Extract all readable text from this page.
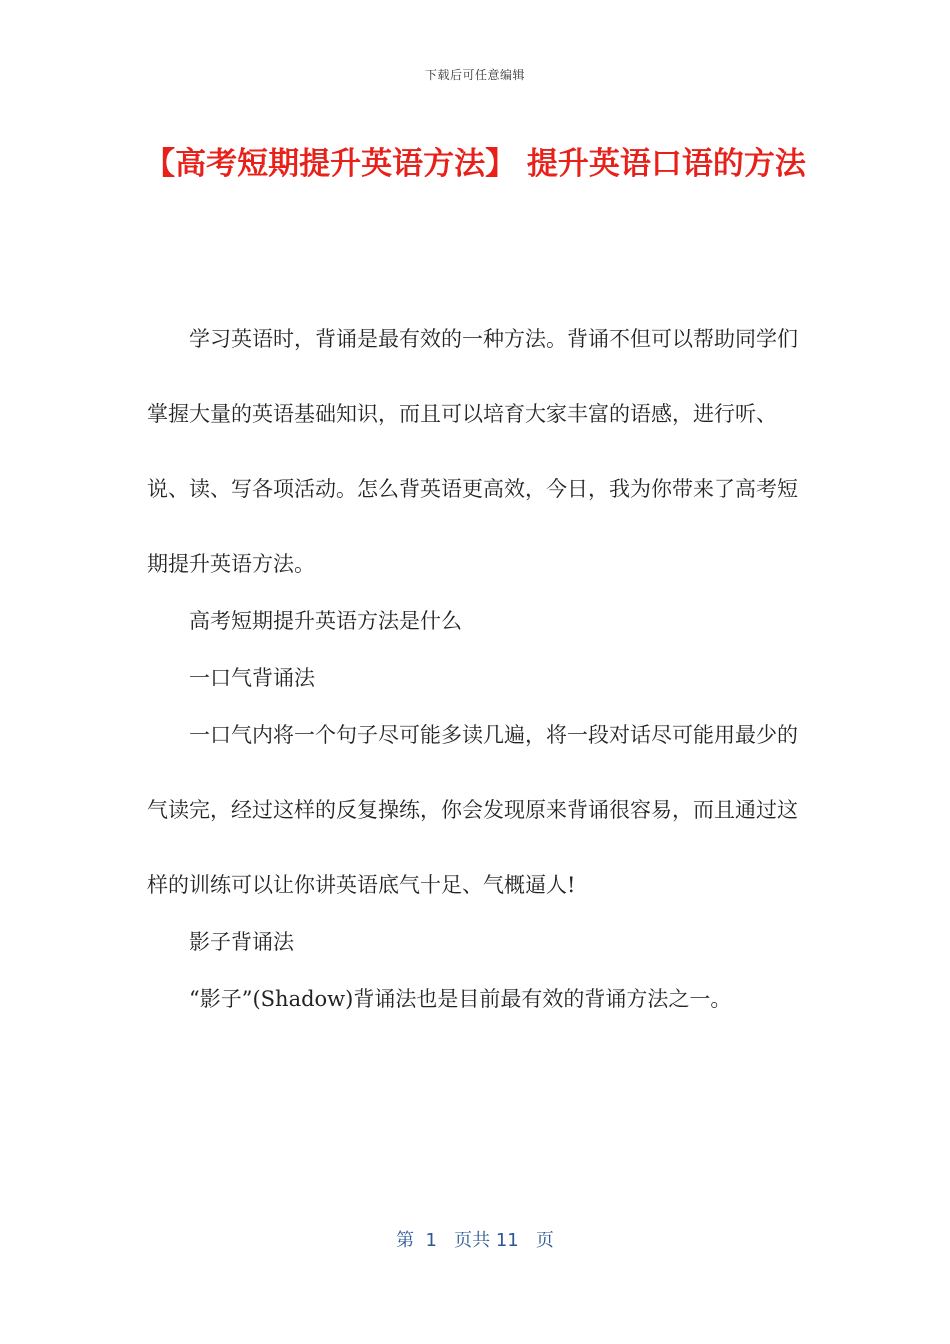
下载后可任意编辑
【高考短期提升英语方法】 提升英语口语的方法

学习英语时，背诵是最有效的一种方法。背诵不但可以帮助同学们掌握大量的英语基础知识，而且可以培育大家丰富的语感，进行听、说、读、写各项活动。怎么背英语更高效，今日，我为你带来了高考短期提升英语方法。

高考短期提升英语方法是什么

一口气背诵法

一口气内将一个句子尽可能多读几遍，将一段对话尽可能用最少的气读完，经过这样的反复操练，你会发现原来背诵很容易，而且通过这样的训练可以让你讲英语底气十足、气概逼人!

影子背诵法

“影子”(Shadow)背诵法也是目前最有效的背诵方法之一。

第  1   页共 11   页
